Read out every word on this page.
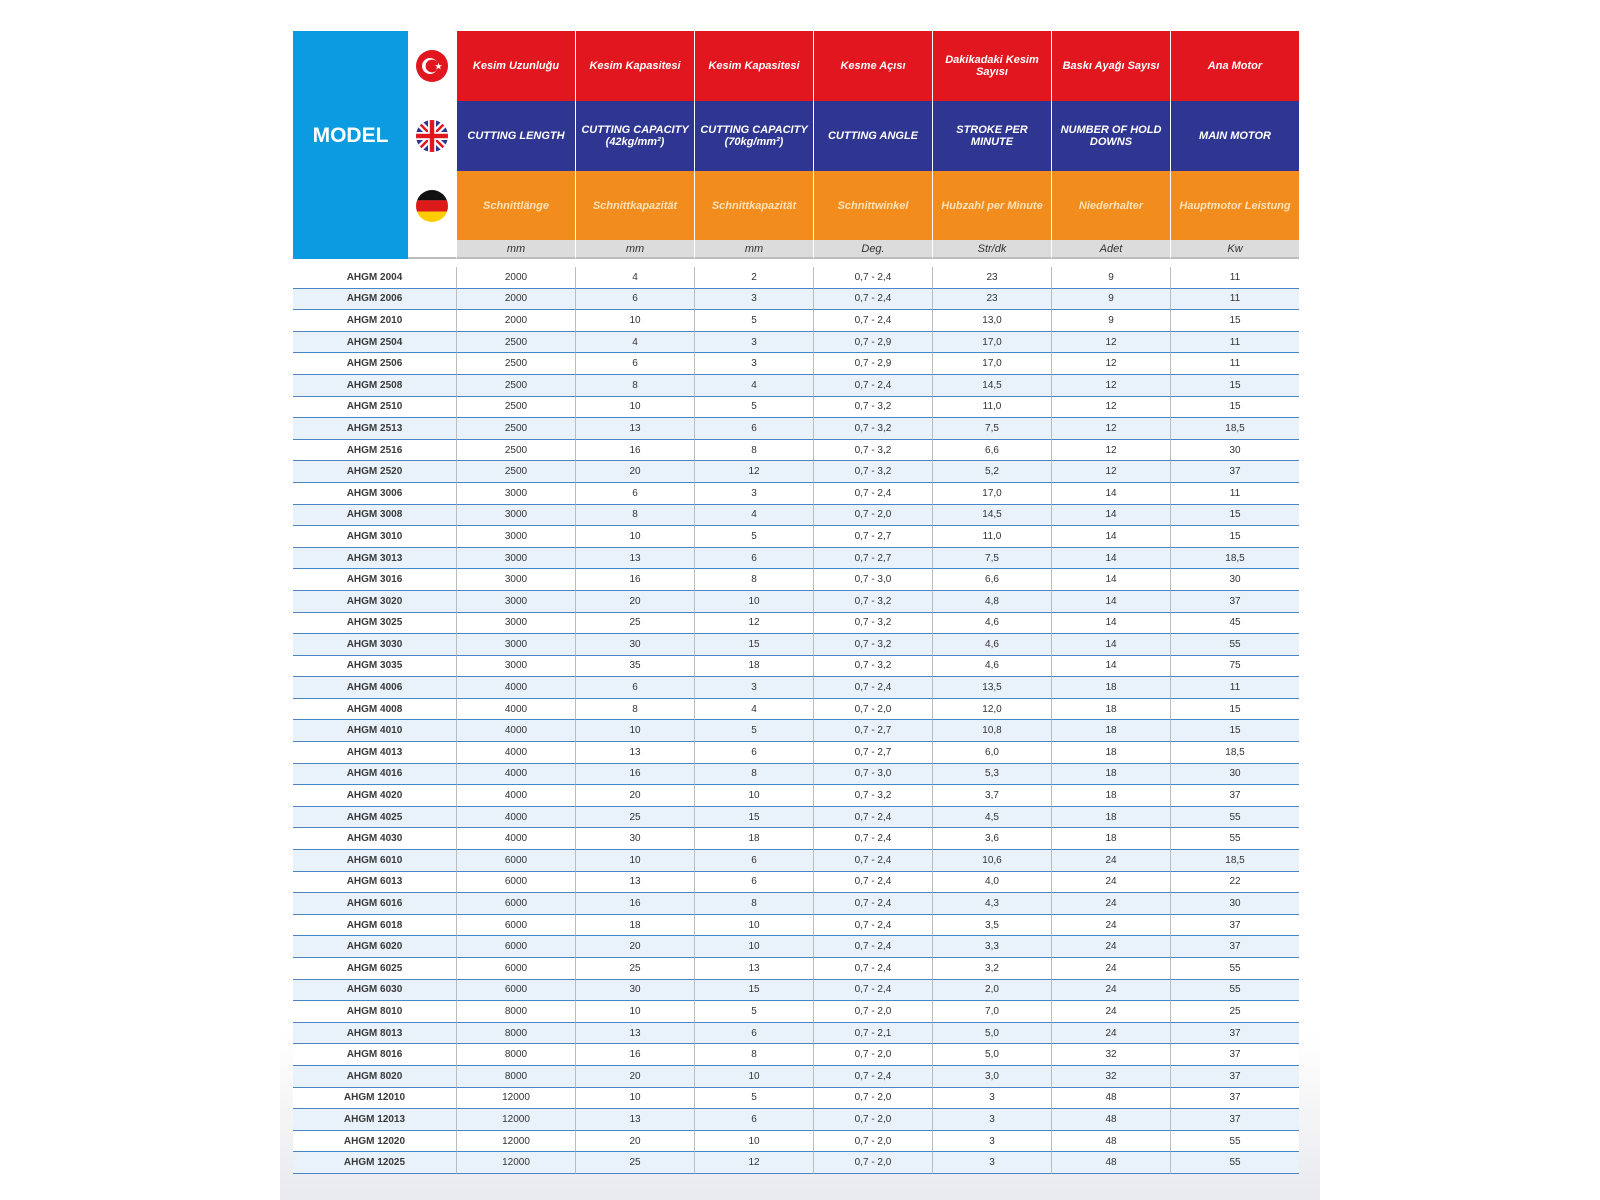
MODEL		Kesim Uzunluğu	Kesim Kapasitesi	Kesim Kapasitesi	Kesme Açısı	Dakikadaki Kesim Sayısı	Baskı Ayağı Sayısı	Ana Motor

	CUTTING LENGTH	CUTTING CAPACITY (42kg/mm²)	CUTTING CAPACITY (70kg/mm²)	CUTTING ANGLE	STROKE PER MINUTE	NUMBER OF HOLD DOWNS	MAIN MOTOR

	Schnittlänge	Schnittkapazität	Schnittkapazität	Schnittwinkel	Hubzahl per Minute	Niederhalter	Hauptmotor Leistung
		mm	mm	mm	Deg.	Str/dk	Adet	Kw

AHGM 2004		2000	4	2	0,7 - 2,4	23	9	11
AHGM 2006		2000	6	3	0,7 - 2,4	23	9	11
AHGM 2010		2000	10	5	0,7 - 2,4	13,0	9	15
AHGM 2504		2500	4	3	0,7 - 2,9	17,0	12	11
AHGM 2506		2500	6	3	0,7 - 2,9	17,0	12	11
AHGM 2508		2500	8	4	0,7 - 2,4	14,5	12	15
AHGM 2510		2500	10	5	0,7 - 3,2	11,0	12	15
AHGM 2513		2500	13	6	0,7 - 3,2	7,5	12	18,5
AHGM 2516		2500	16	8	0,7 - 3,2	6,6	12	30
AHGM 2520		2500	20	12	0,7 - 3,2	5,2	12	37
AHGM 3006		3000	6	3	0,7 - 2,4	17,0	14	11
AHGM 3008		3000	8	4	0,7 - 2,0	14,5	14	15
AHGM 3010		3000	10	5	0,7 - 2,7	11,0	14	15
AHGM 3013		3000	13	6	0,7 - 2,7	7,5	14	18,5
AHGM 3016		3000	16	8	0,7 - 3,0	6,6	14	30
AHGM 3020		3000	20	10	0,7 - 3,2	4,8	14	37
AHGM 3025		3000	25	12	0,7 - 3,2	4,6	14	45
AHGM 3030		3000	30	15	0,7 - 3,2	4,6	14	55
AHGM 3035		3000	35	18	0,7 - 3,2	4,6	14	75
AHGM 4006		4000	6	3	0,7 - 2,4	13,5	18	11
AHGM 4008		4000	8	4	0,7 - 2,0	12,0	18	15
AHGM 4010		4000	10	5	0,7 - 2,7	10,8	18	15
AHGM 4013		4000	13	6	0,7 - 2,7	6,0	18	18,5
AHGM 4016		4000	16	8	0,7 - 3,0	5,3	18	30
AHGM 4020		4000	20	10	0,7 - 3,2	3,7	18	37
AHGM 4025		4000	25	15	0,7 - 2,4	4,5	18	55
AHGM 4030		4000	30	18	0,7 - 2,4	3,6	18	55
AHGM 6010		6000	10	6	0,7 - 2,4	10,6	24	18,5
AHGM 6013		6000	13	6	0,7 - 2,4	4,0	24	22
AHGM 6016		6000	16	8	0,7 - 2,4	4,3	24	30
AHGM 6018		6000	18	10	0,7 - 2,4	3,5	24	37
AHGM 6020		6000	20	10	0,7 - 2,4	3,3	24	37
AHGM 6025		6000	25	13	0,7 - 2,4	3,2	24	55
AHGM 6030		6000	30	15	0,7 - 2,4	2,0	24	55
AHGM 8010		8000	10	5	0,7 - 2,0	7,0	24	25
AHGM 8013		8000	13	6	0,7 - 2,1	5,0	24	37
AHGM 8016		8000	16	8	0,7 - 2,0	5,0	32	37
AHGM 8020		8000	20	10	0,7 - 2,4	3,0	32	37
AHGM 12010		12000	10	5	0,7 - 2,0	3	48	37
AHGM 12013		12000	13	6	0,7 - 2,0	3	48	37
AHGM 12020		12000	20	10	0,7 - 2,0	3	48	55
AHGM 12025		12000	25	12	0,7 - 2,0	3	48	55
